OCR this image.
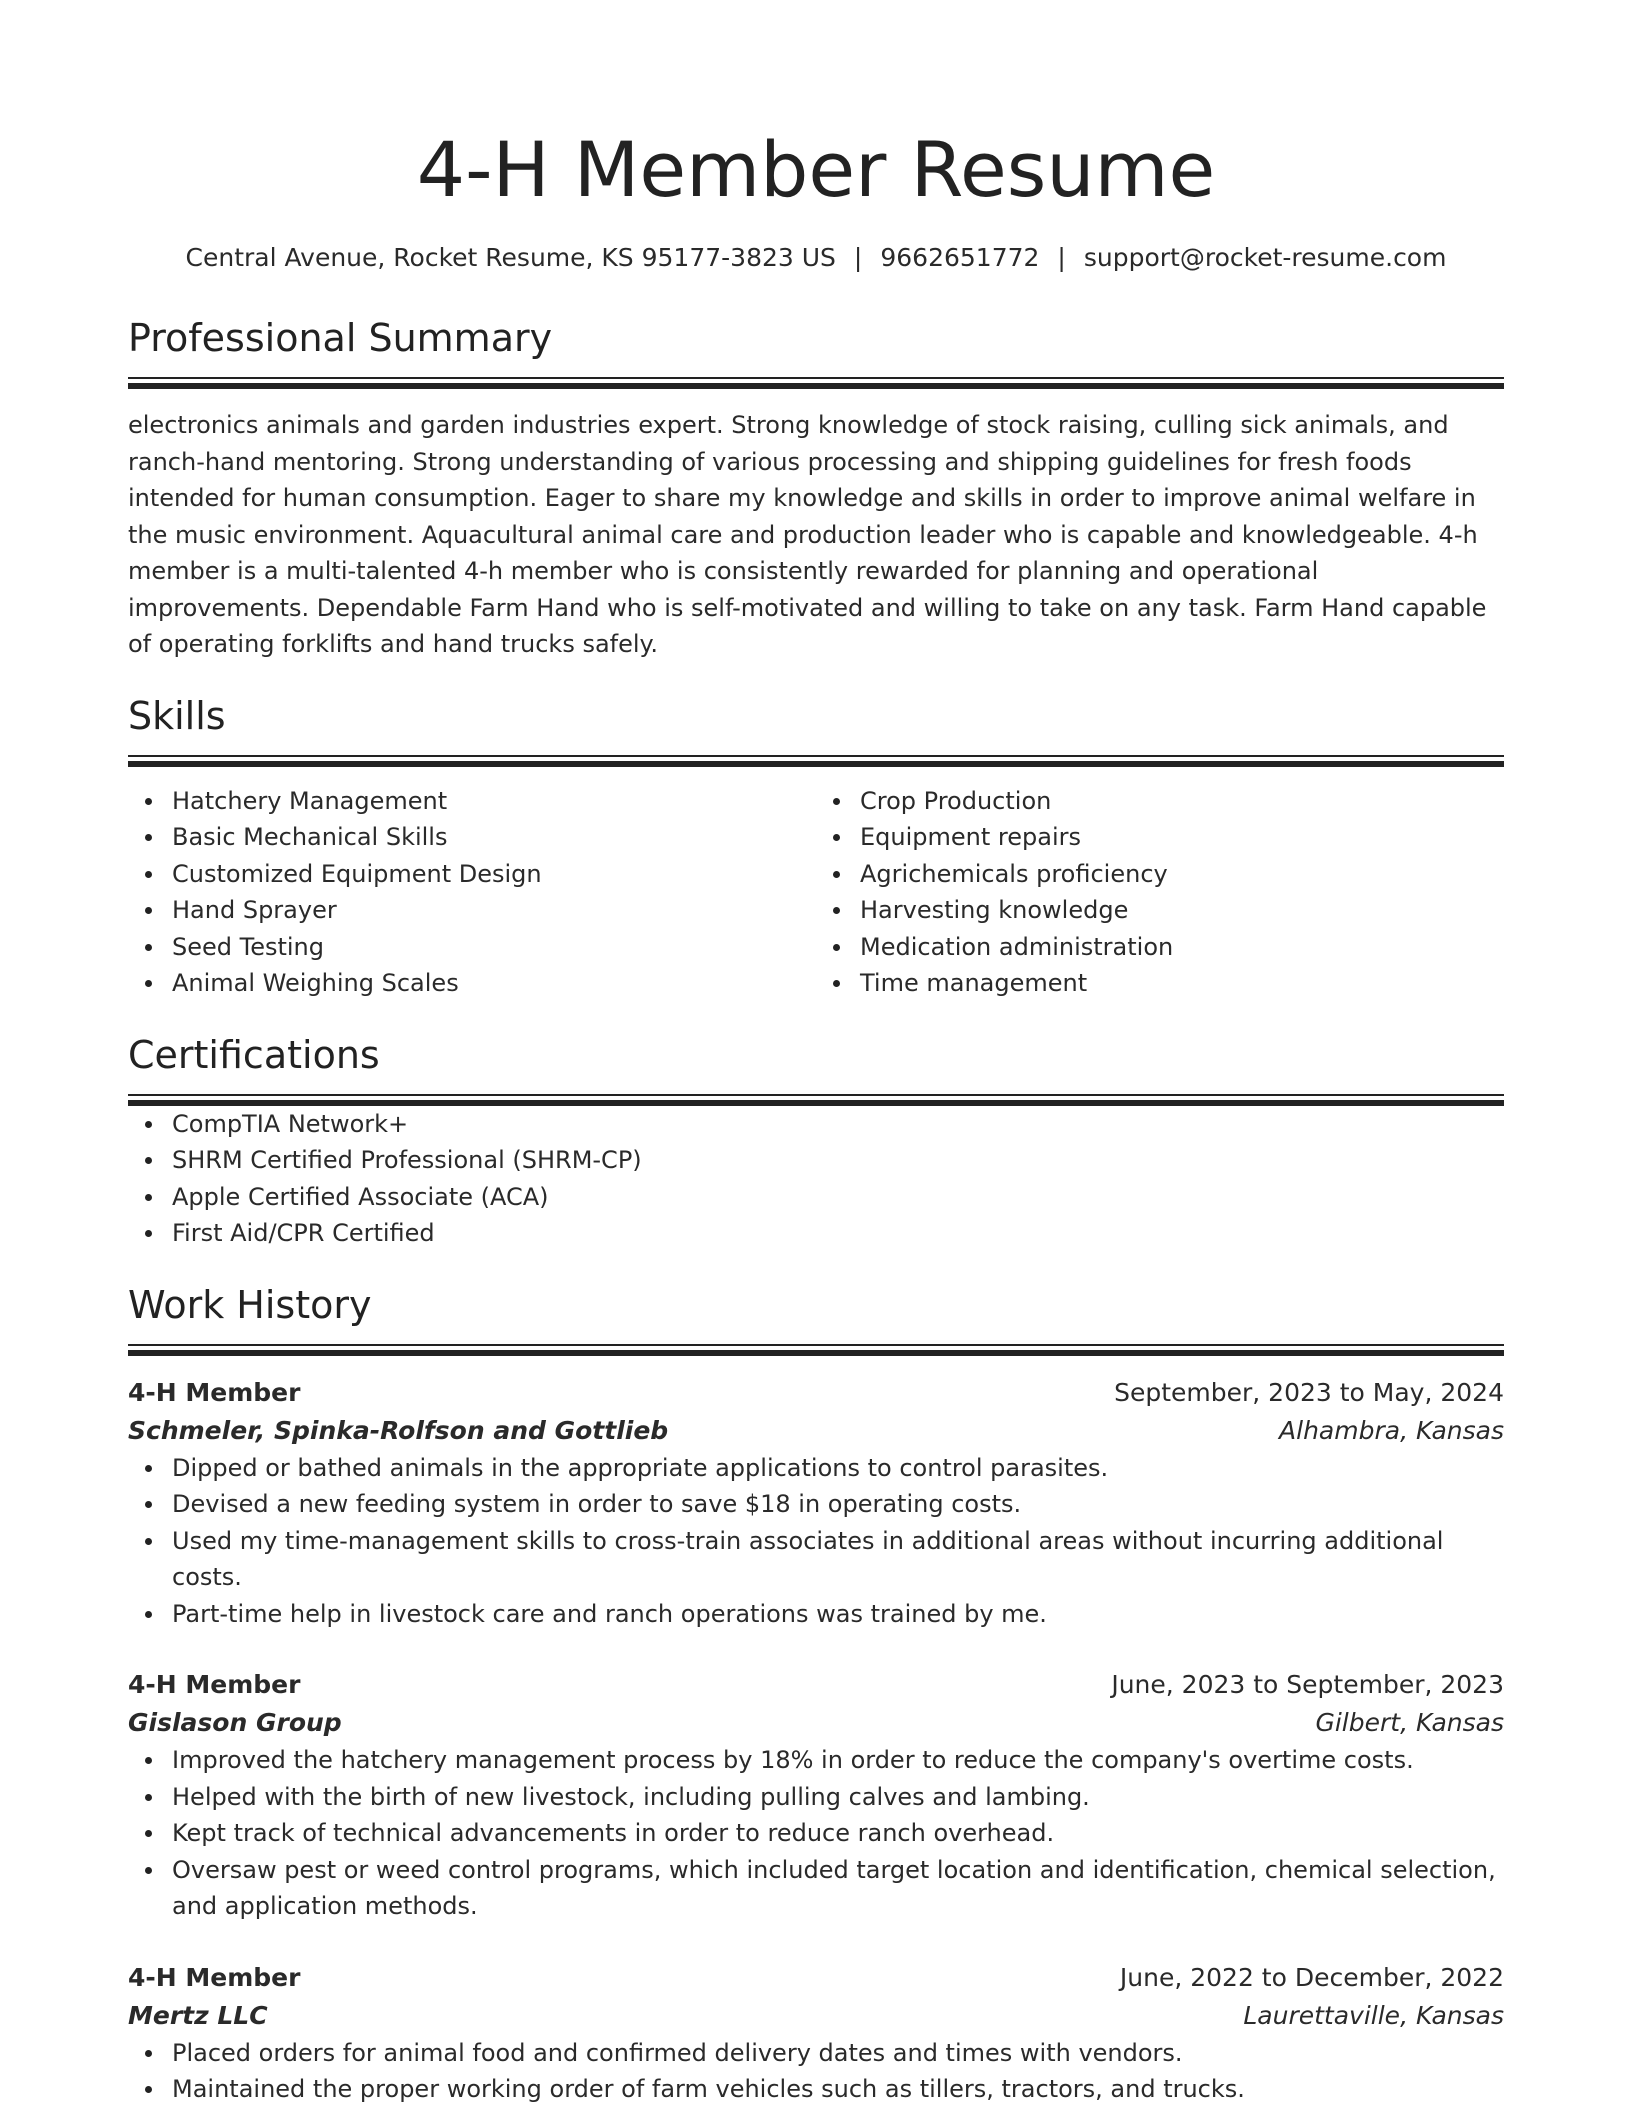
4-H Member Resume
Central Avenue, Rocket Resume, KS 95177-3823 US | 9662651772 | support@rocket-resume.com
Professional Summary

electronics animals and garden industries expert. Strong knowledge of stock raising, culling sick animals, and ranch-hand mentoring. Strong understanding of various processing and shipping guidelines for fresh foods intended for human consumption. Eager to share my knowledge and skills in order to improve animal welfare in the music environment. Aquacultural animal care and production leader who is capable and knowledgeable. 4-h member is a multi-talented 4-h member who is consistently rewarded for planning and operational improvements. Dependable Farm Hand who is self-motivated and willing to take on any task. Farm Hand capable of operating forklifts and hand trucks safely.

Skills
Hatchery Management
Basic Mechanical Skills
Customized Equipment Design
Hand Sprayer
Seed Testing
Animal Weighing Scales
Crop Production
Equipment repairs
Agrichemicals proficiency
Harvesting knowledge
Medication administration
Time management
Certifications
CompTIA Network+
SHRM Certified Professional (SHRM-CP)
Apple Certified Associate (ACA)
First Aid/CPR Certified
Work History
4-H Member	September, 2023 to May, 2024
Schmeler, Spinka-Rolfson and Gottlieb	Alhambra, Kansas
Dipped or bathed animals in the appropriate applications to control parasites.
Devised a new feeding system in order to save $18 in operating costs.
Used my time-management skills to cross-train associates in additional areas without incurring additional costs.
Part-time help in livestock care and ranch operations was trained by me.
4-H Member	June, 2023 to September, 2023
Gislason Group	Gilbert, Kansas
Improved the hatchery management process by 18% in order to reduce the company's overtime costs.
Helped with the birth of new livestock, including pulling calves and lambing.
Kept track of technical advancements in order to reduce ranch overhead.
Oversaw pest or weed control programs, which included target location and identification, chemical selection, and application methods.
4-H Member	June, 2022 to December, 2022
Mertz LLC	Laurettaville, Kansas
Placed orders for animal food and confirmed delivery dates and times with vendors.
Maintained the proper working order of farm vehicles such as tillers, tractors, and trucks.
